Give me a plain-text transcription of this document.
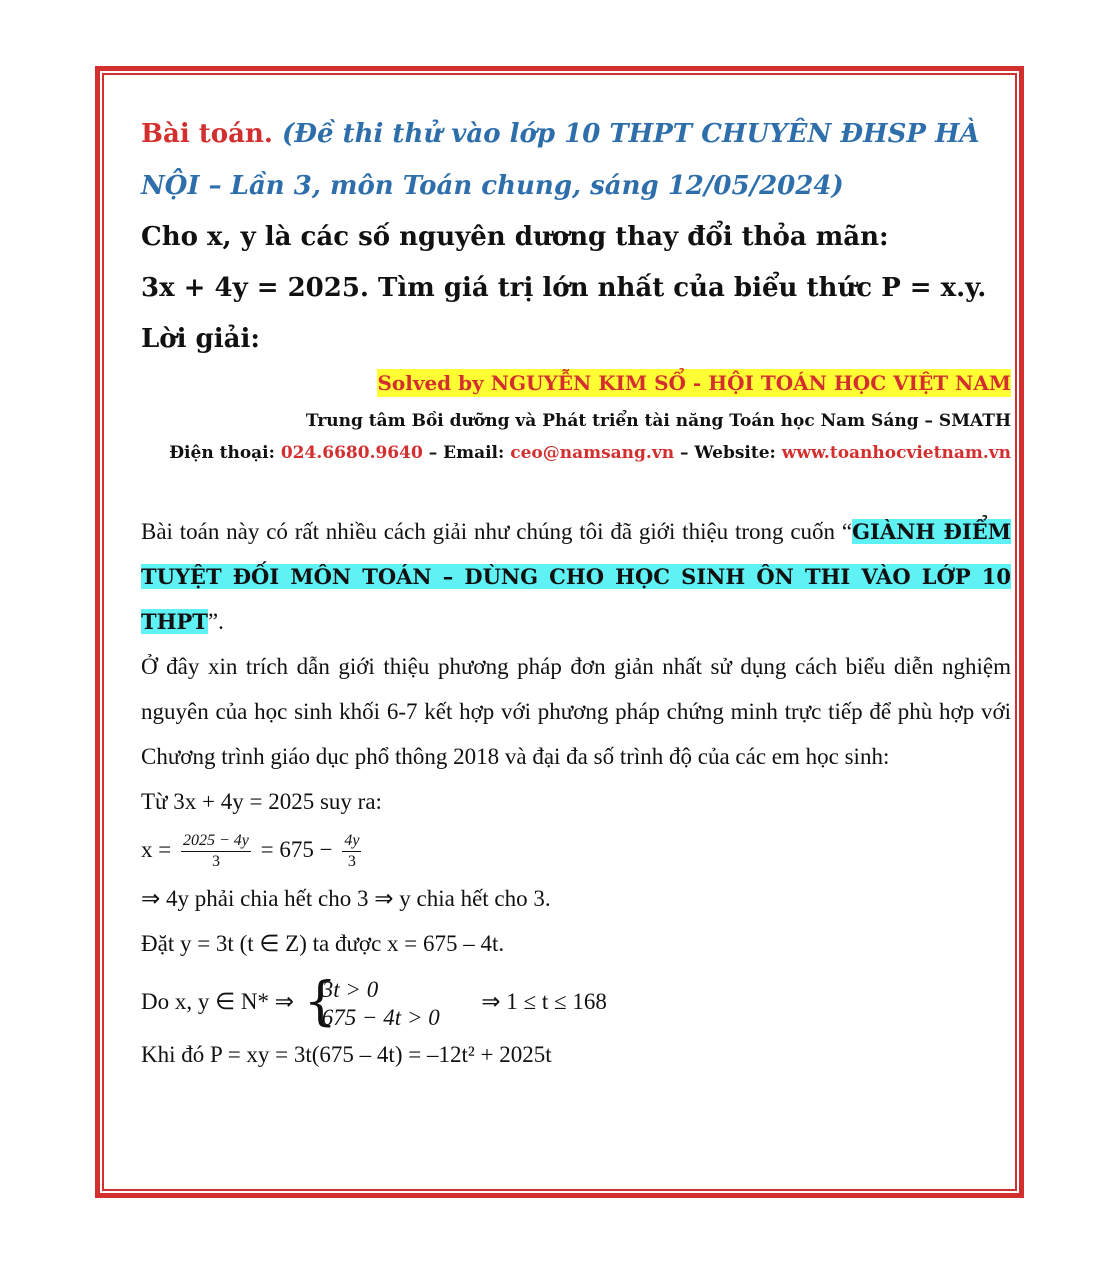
Bài toán. (Đề thi thử vào lớp 10 THPT CHUYÊN ĐHSP HÀ NỘI – Lần 3, môn Toán chung, sáng 12/05/2024)
Cho x, y là các số nguyên dương thay đổi thỏa mãn:
3x + 4y = 2025. Tìm giá trị lớn nhất của biểu thức P = x.y.
Lời giải:
Solved by NGUYỄN KIM SỔ - HỘI TOÁN HỌC VIỆT NAM
Trung tâm Bồi dưỡng và Phát triển tài năng Toán học Nam Sáng – SMATH
Điện thoại: 024.6680.9640 – Email: ceo@namsang.vn – Website: www.toanhocvietnam.vn
Bài toán này có rất nhiều cách giải như chúng tôi đã giới thiệu trong cuốn “GIÀNH ĐIỂM TUYỆT ĐỐI MÔN TOÁN – DÙNG CHO HỌC SINH ÔN THI VÀO LỚP 10 THPT”.
Ở đây xin trích dẫn giới thiệu phương pháp đơn giản nhất sử dụng cách biểu diễn nghiệm nguyên của học sinh khối 6-7 kết hợp với phương pháp chứng minh trực tiếp để phù hợp với Chương trình giáo dục phổ thông 2018 và đại đa số trình độ của các em học sinh:
Từ 3x + 4y = 2025 suy ra:
$x = \frac{2025 - 4y}{3} = 675 - \frac{4y}{3}$
⇒ 4y phải chia hết cho 3 ⇒ y chia hết cho 3.
Đặt y = 3t (t ∈ Z) ta được x = 675 – 4t.
Do x, y ∈ N* ⇒ {
3t > 0
675 − 4t > 0
⇒ 1 ≤ t ≤ 168
Khi đó P = xy = 3t(675 – 4t) = –12t² + 2025t
